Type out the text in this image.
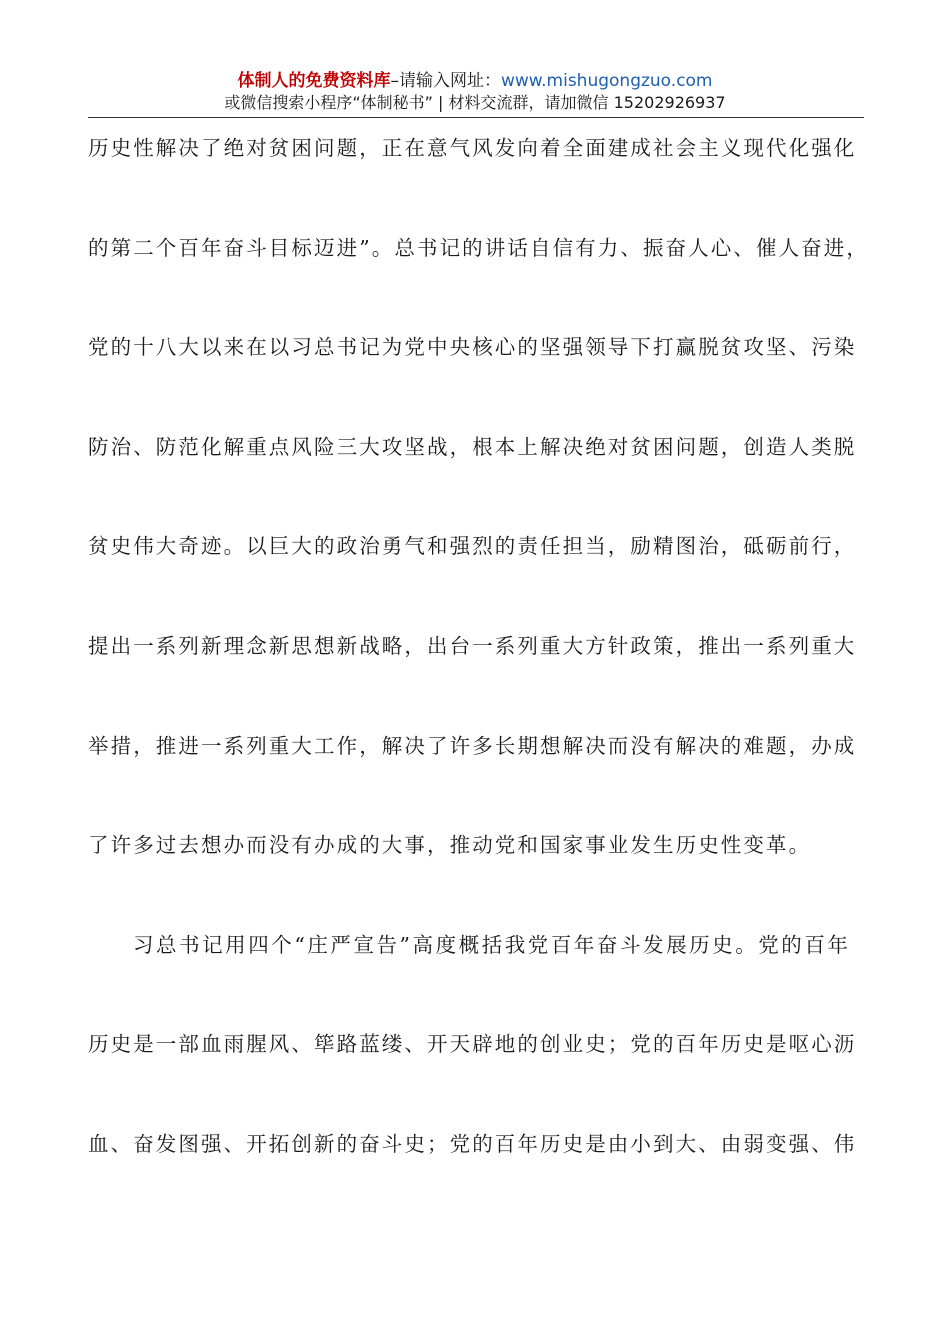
体制人的免费资料库–请输入网址：www.mishugongzuo.com
或微信搜索小程序“体制秘书” | 材料交流群，请加微信 15202926937
历史性解决了绝对贫困问题，正在意气风发向着全面建成社会主义现代化强化
的第二个百年奋斗目标迈进”。总书记的讲话自信有力、振奋人心、催人奋进，
党的十八大以来在以习总书记为党中央核心的坚强领导下打赢脱贫攻坚、污染
防治、防范化解重点风险三大攻坚战，根本上解决绝对贫困问题，创造人类脱
贫史伟大奇迹。以巨大的政治勇气和强烈的责任担当，励精图治，砥砺前行，
提出一系列新理念新思想新战略，出台一系列重大方针政策，推出一系列重大
举措，推进一系列重大工作，解决了许多长期想解决而没有解决的难题，办成
了许多过去想办而没有办成的大事，推动党和国家事业发生历史性变革。
习总书记用四个“庄严宣告”高度概括我党百年奋斗发展历史。党的百年
历史是一部血雨腥风、筚路蓝缕、开天辟地的创业史；党的百年历史是呕心沥
血、奋发图强、开拓创新的奋斗史；党的百年历史是由小到大、由弱变强、伟
